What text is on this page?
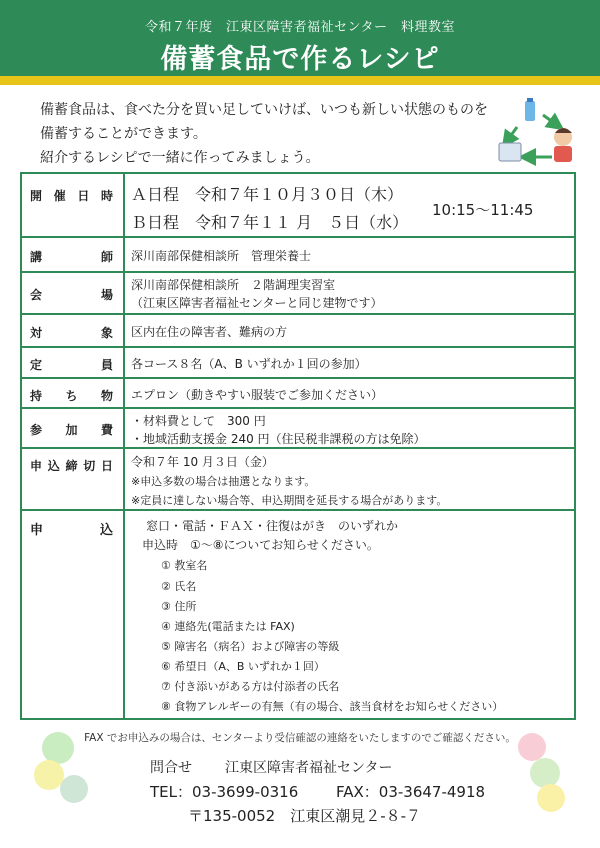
令和７年度　江東区障害者福祉センター　料理教室
備蓄食品で作るレシピ
備蓄食品は、食べた分を買い足していけば、いつも新しい状態のものを
備蓄することができます。
紹介するレシピで一緒に作ってみましょう。
開 催 日 時 Ａ日程　令和７年１０月３０日（木）
Ｂ日程　令和７年１１ 月　５日（水）
10:15～11:45
講	師 深川南部保健相談所　管理栄養士
会	場
深川南部保健相談所　２階調理実習室
（江東区障害者福祉センターと同じ建物です）
対	象 区内在住の障害者、難病の方
定	員 各コース８名（A、B いずれか１回の参加）
持 ち 物 エプロン（動きやすい服装でご参加ください）
参 加 費
・材料費として　300 円
・地域活動支援金 240 円（住民税非課税の方は免除）
申 込 締 切 日 令和７年 10 月３日（金）
※申込多数の場合は抽選となります。
※定員に達しない場合等、申込期間を延長する場合があります。
申	込	窓口・電話・ＦＡＸ・往復はがき　のいずれか
申込時　①～⑧についてお知らせください。
① 教室名
② 氏名
③ 住所
④ 連絡先(電話または FAX)
⑤ 障害名（病名）および障害の等級
⑥ 希望日（A、B いずれか１回）
⑦ 付き添いがある方は付添者の氏名
⑧ 食物アレルギーの有無（有の場合、該当食材をお知らせください）
FAX でお申込みの場合は、センターより受信確認の連絡をいたしますのでご確認ください。
問合せ 江東区障害者福祉センター
TEL：03-3699-0316	FAX：03-3647-4918
〒135-0052　江東区潮見２-８-７
